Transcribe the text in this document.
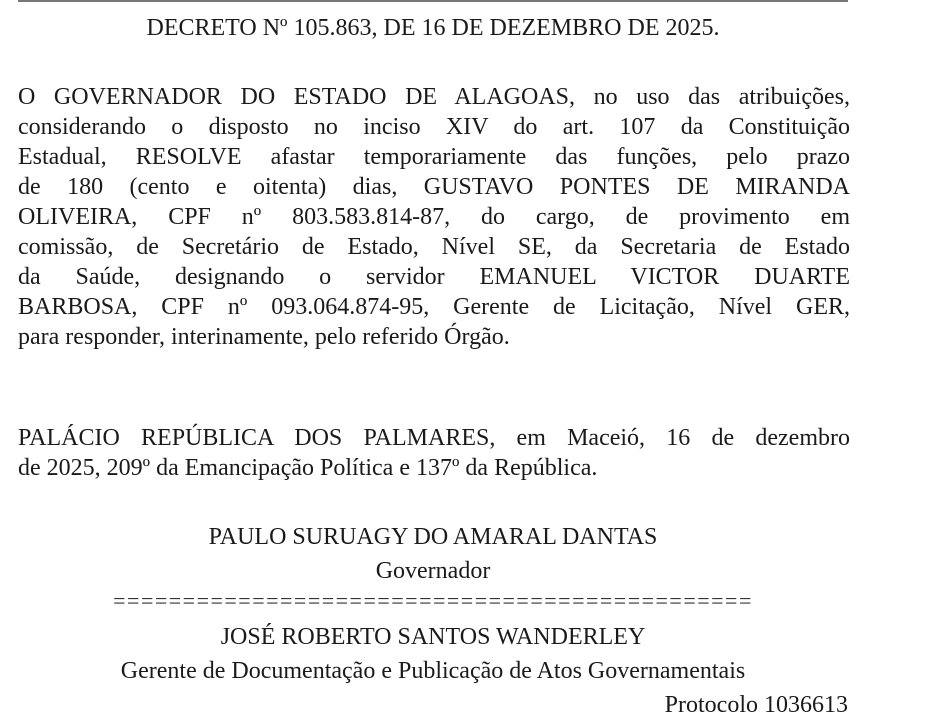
DECRETO Nº 105.863, DE 16 DE DEZEMBRO DE 2025.
O GOVERNADOR DO ESTADO DE ALAGOAS, no uso das atribuições,
considerando o disposto no inciso XIV do art. 107 da Constituição
Estadual, RESOLVE afastar temporariamente das funções, pelo prazo
de 180 (cento e oitenta) dias, GUSTAVO PONTES DE MIRANDA
OLIVEIRA, CPF nº 803.583.814-87, do cargo, de provimento em
comissão, de Secretário de Estado, Nível SE, da Secretaria de Estado
da Saúde, designando o servidor EMANUEL VICTOR DUARTE
BARBOSA, CPF nº 093.064.874-95, Gerente de Licitação, Nível GER,
para responder, interinamente, pelo referido Órgão.
PALÁCIO REPÚBLICA DOS PALMARES, em Maceió, 16 de dezembro
de 2025, 209º da Emancipação Política e 137º da República.
PAULO SURUAGY DO AMARAL DANTAS
Governador
==============================================
JOSÉ ROBERTO SANTOS WANDERLEY
Gerente de Documentação e Publicação de Atos Governamentais
Protocolo 1036613
